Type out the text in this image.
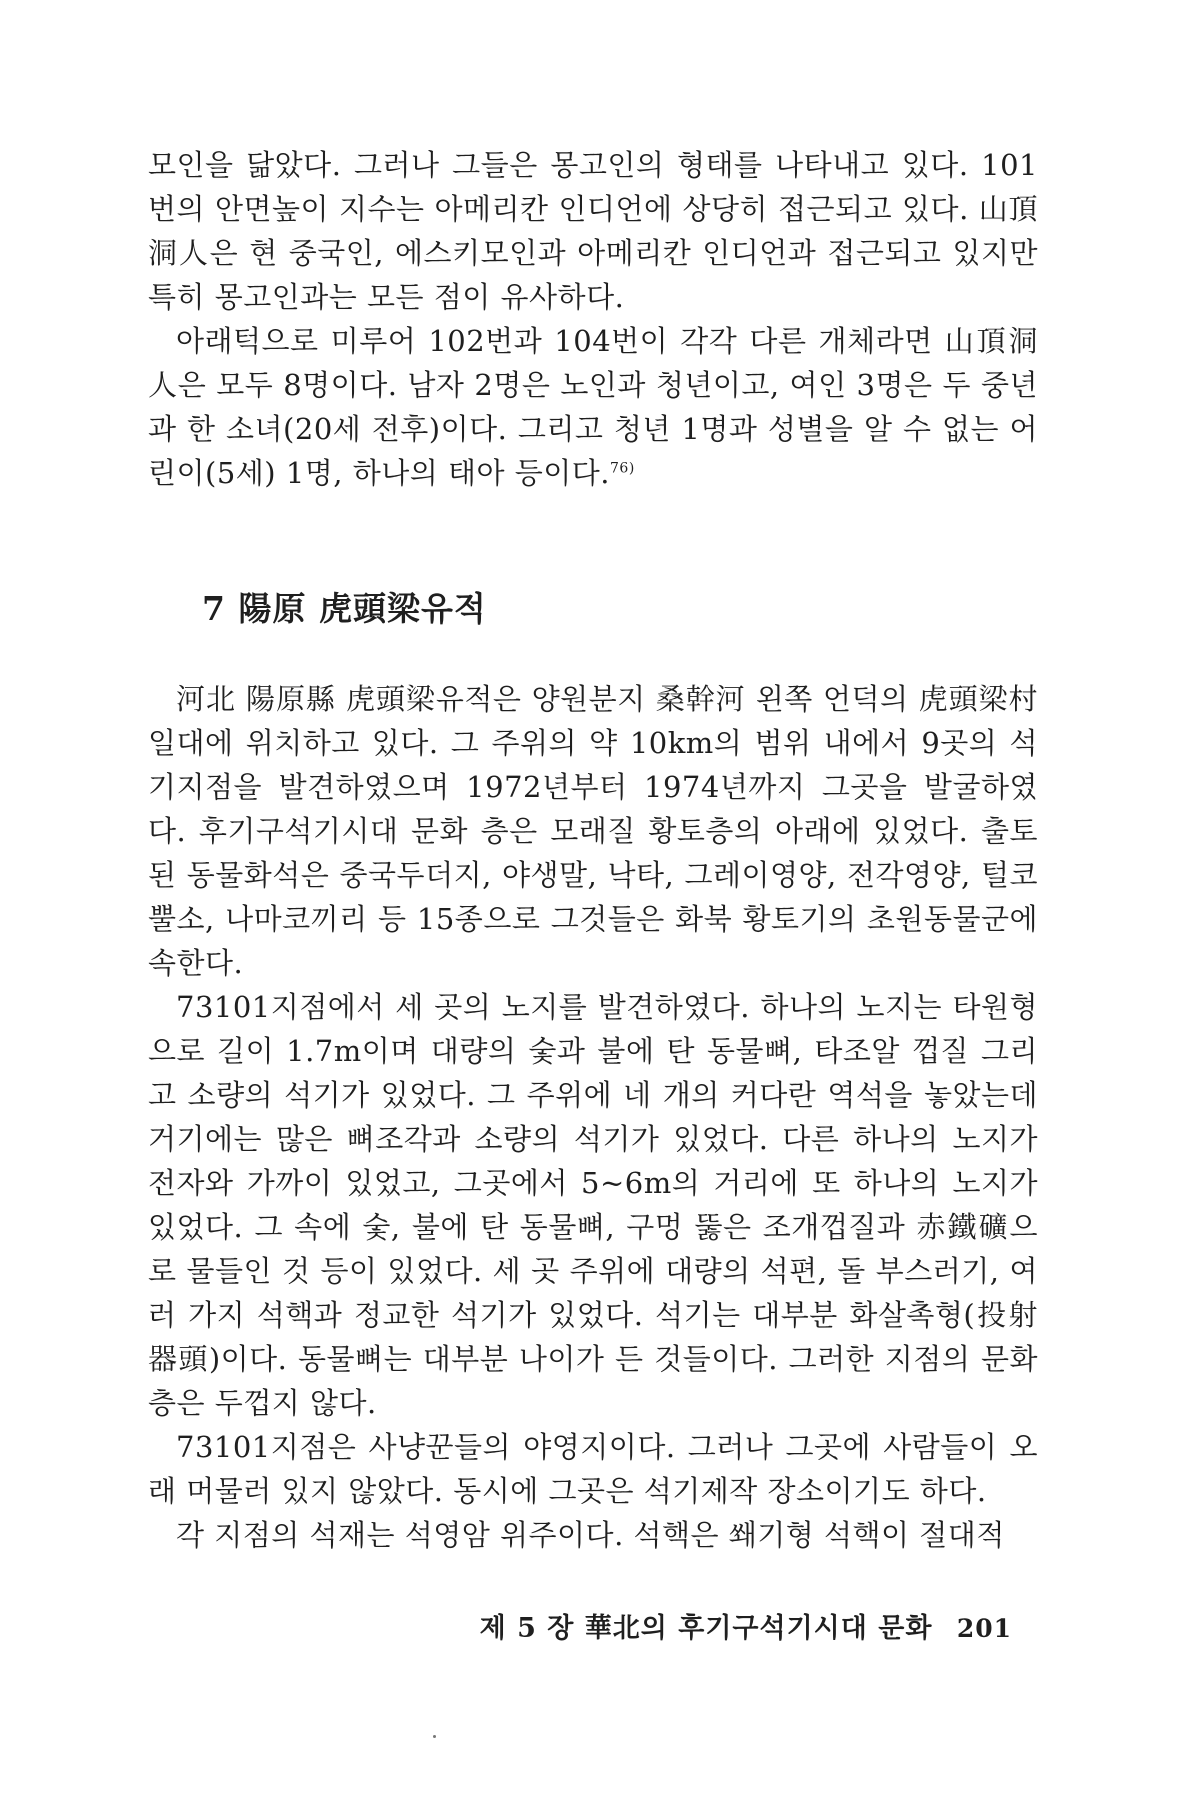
모인을 닮았다. 그러나 그들은 몽고인의 형태를 나타내고 있다. 101번의 안면높이 지수는 아메리칸 인디언에 상당히 접근되고 있다. 山頂洞人은 현 중국인, 에스키모인과 아메리칸 인디언과 접근되고 있지만 특히 몽고인과는 모든 점이 유사하다.

아래턱으로 미루어 102번과 104번이 각각 다른 개체라면 山頂洞人은 모두 8명이다. 남자 2명은 노인과 청년이고, 여인 3명은 두 중년과 한 소녀(20세 전후)이다. 그리고 청년 1명과 성별을 알 수 없는 어린이(5세) 1명, 하나의 태아 등이다.$^{76)}$

7 陽原 虎頭梁유적

河北 陽原縣 虎頭梁유적은 양원분지 桑幹河 왼쪽 언덕의 虎頭梁村 일대에 위치하고 있다. 그 주위의 약 10km의 범위 내에서 9곳의 석기지점을 발견하였으며 1972년부터 1974년까지 그곳을 발굴하였다. 후기구석기시대 문화 층은 모래질 황토층의 아래에 있었다. 출토된 동물화석은 중국두더지, 야생말, 낙타, 그레이영양, 전각영양, 털코뿔소, 나마코끼리 등 15종으로 그것들은 화북 황토기의 초원동물군에 속한다.

73101지점에서 세 곳의 노지를 발견하였다. 하나의 노지는 타원형으로 길이 1.7m이며 대량의 숯과 불에 탄 동물뼈, 타조알 껍질 그리고 소량의 석기가 있었다. 그 주위에 네 개의 커다란 역석을 놓았는데 거기에는 많은 뼈조각과 소량의 석기가 있었다. 다른 하나의 노지가 전자와 가까이 있었고, 그곳에서 5~6m의 거리에 또 하나의 노지가 있었다. 그 속에 숯, 불에 탄 동물뼈, 구멍 뚫은 조개껍질과 赤鐵礦으로 물들인 것 등이 있었다. 세 곳 주위에 대량의 석편, 돌 부스러기, 여러 가지 석핵과 정교한 석기가 있었다. 석기는 대부분 화살촉형(投射器頭)이다. 동물뼈는 대부분 나이가 든 것들이다. 그러한 지점의 문화층은 두껍지 않다.

73101지점은 사냥꾼들의 야영지이다. 그러나 그곳에 사람들이 오래 머물러 있지 않았다. 동시에 그곳은 석기제작 장소이기도 하다.

각 지점의 석재는 석영암 위주이다. 석핵은 쐐기형 석핵이 절대적

제 5 장 華北의 후기구석기시대 문화 201
